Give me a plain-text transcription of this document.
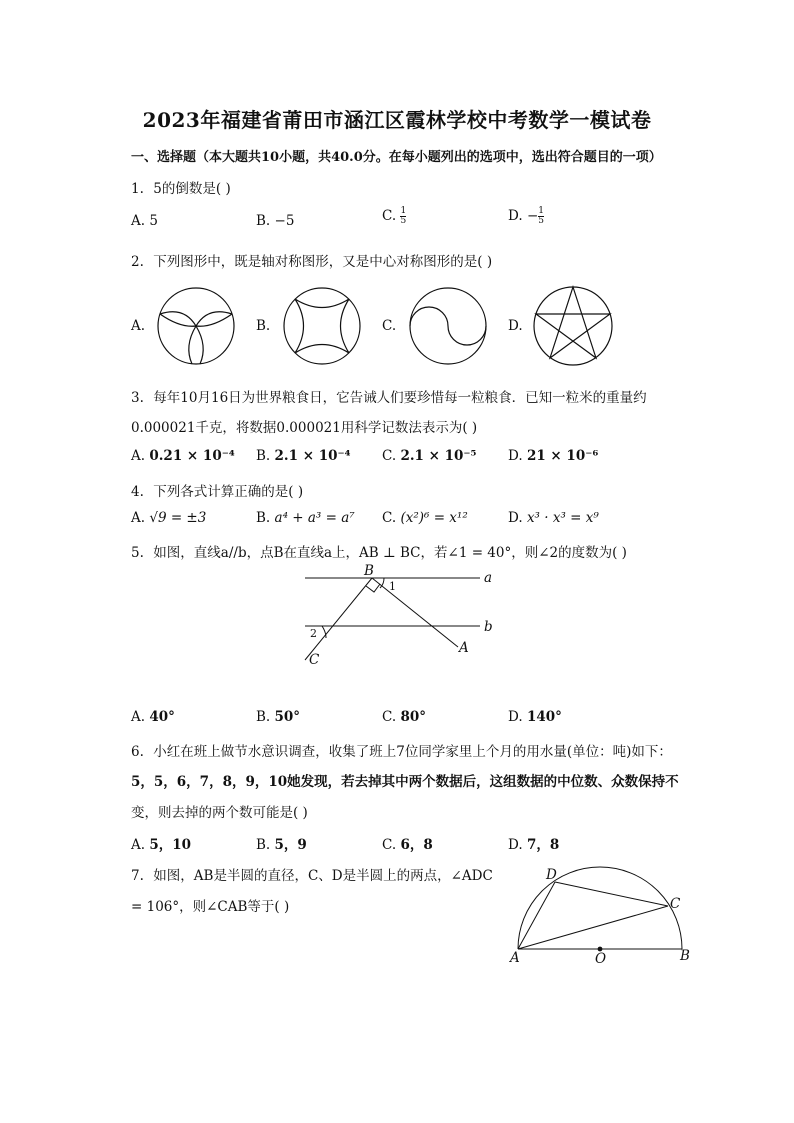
2023年福建省莆田市涵江区霞林学校中考数学一模试卷
一、选择题（本大题共10小题，共40.0分。在每小题列出的选项中，选出符合题目的一项）
1. 5的倒数是( )
A. 5	B. −5	C. $\frac{1}{5}$	D. − $\frac{1}{5}$
2. 下列图形中，既是轴对称图形，又是中心对称图形的是( )
A.	B.	C.	D.
3. 每年10月16日为世界粮食日，它告诫人们要珍惜每一粒粮食．已知一粒米的重量约
0.000021千克，将数据0.000021用科学记数法表示为( )
A. 0.21 × 10⁻⁴ B. 2.1 × 10⁻⁴ C. 2.1 × 10⁻⁵ D. 21 × 10⁻⁶
4. 下列各式计算正确的是( )
A. √9 = ±3	B. a⁴ + a³ = a⁷ C. (x²)⁶ = x¹²	D. x³ · x³ = x⁹
5. 如图，直线a//b，点B在直线a上，AB ⊥ BC，若∠1 = 40°，则∠2的度数为( )
B
1
a
b
2
C
A
A. 40°	B. 50°	C. 80°	D. 140°
6. 小红在班上做节水意识调查，收集了班上7位同学家里上个月的用水量(单位：吨)如下：
5，5，6，7，8，9，10她发现，若去掉其中两个数据后，这组数据的中位数、众数保持不
变，则去掉的两个数可能是( )
A. 5，10	B. 5，9	C. 6，8	D. 7，8
7. 如图，AB是半圆的直径，C、D是半圆上的两点，∠ADC
= 106°，则∠CAB等于( )
A	O	B
D
C
